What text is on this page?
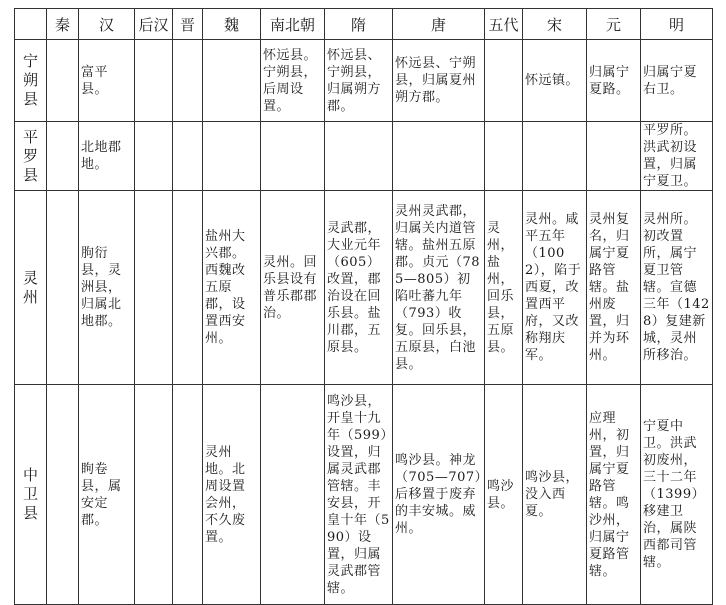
	秦	汉	后汉	晋	魏	南北朝	隋	唐	五代	宋	元	明

宁朔县		富平县。				怀远县。宁朔县，后周设置。	怀远县、宁朔县，归属朔方郡。	怀远县、宁朔县，归属夏州朔方郡。		怀远镇。	归属宁夏路。	归属宁夏右卫。

平罗县		北地郡地。										平罗所。洪武初设置，归属宁夏卫。

灵州		朐衍县，灵洲县，归属北地郡。			盐州大兴郡。西魏改五原郡，设置西安州。	灵州。回乐县设有普乐郡郡治。	灵武郡，大业元年（605）改置，郡治设在回乐县。盐川郡，五原县。	灵州灵武郡，归属关内道管辖。盐州五原郡。贞元（785—805）初陷吐蕃九年（793）收复。回乐县，五原县，白池县。	灵州，盐州，回乐县，五原县。	灵州。咸平五年（1002），陷于西夏，改置西平府，又改称翔庆军。	灵州复名，归属宁夏路管辖。盐州废置，归并为环州。	灵州所。初改置所，属宁夏卫管辖。宣德三年（1428）复建新城，灵州所移治。

中卫县		眗卷县，属安定郡。			灵州地。北周设置会州，不久废置。		鸣沙县，开皇十九年（599）设置，归属灵武郡管辖。丰安县，开皇十年（590）设置，归属灵武郡管辖。	鸣沙县。神龙（705—707）后移置于废弃的丰安城。威州。	鸣沙县。	鸣沙县，没入西夏。	应理州，初置，归属宁夏路管辖。鸣沙州，归属宁夏路管辖。	宁夏中卫。洪武初废州，三十二年（1399）移建卫治，属陕西都司管辖。
